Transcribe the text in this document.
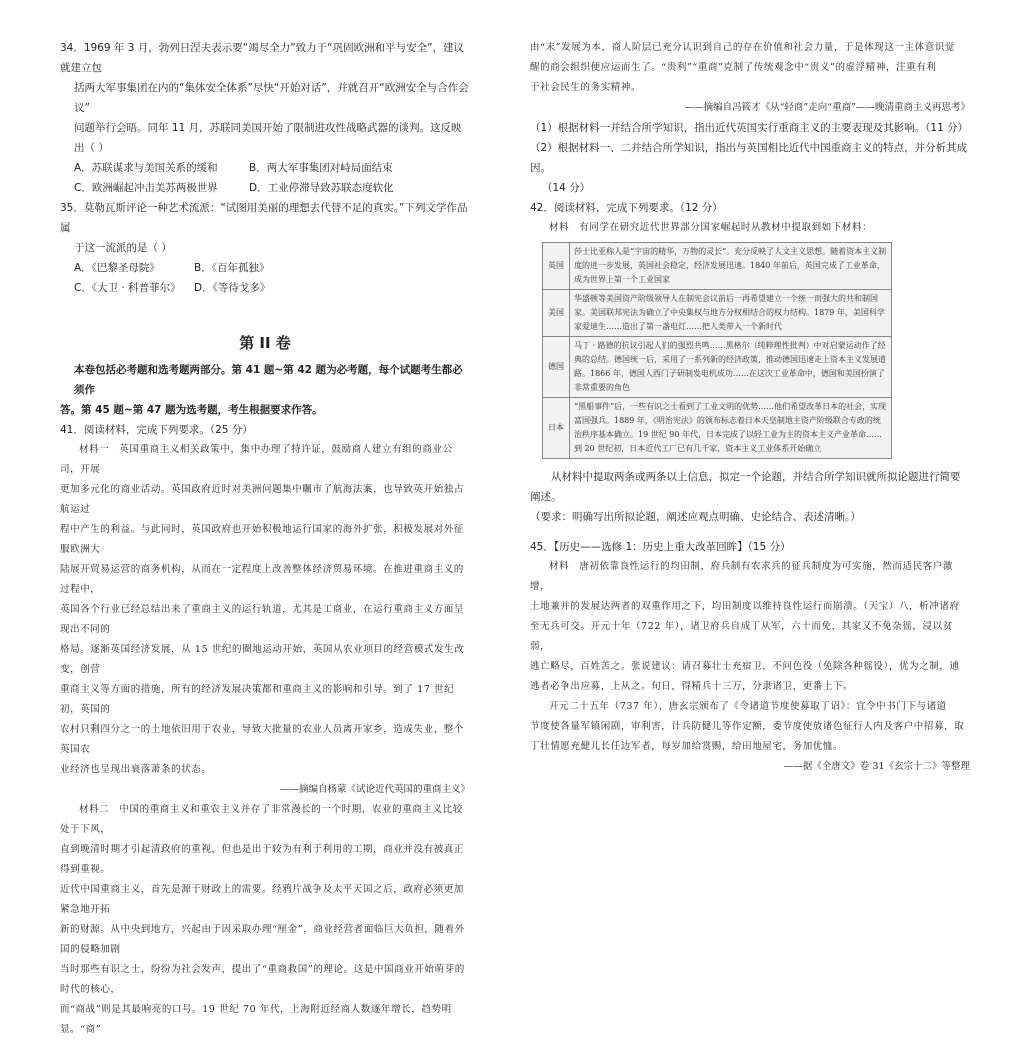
34．1969 年 3 月，勃列日涅夫表示要“竭尽全力”致力于“巩固欧洲和平与安全”，建议就建立包

括两大军事集团在内的“集体安全体系”尽快“开始对话”，并就召开“欧洲安全与合作会议”

问题举行会晤。同年 11 月，苏联同美国开始了限制进攻性战略武器的谈判。这反映出（ ）

A．苏联谋求与美国关系的缓和	B．两大军事集团对峙局面结束
C．欧洲崛起冲击美苏两极世界	D．工业停滞导致苏联态度软化

35．莫勒瓦斯评论一种艺术流派：“试图用美丽的理想去代替不足的真实。”下列文学作品属

于这一流派的是（ ）

A．《巴黎圣母院》	B．《百年孤独》
C．《大卫 · 科普菲尔》	D．《等待戈多》
第 II 卷

本卷包括必考题和选考题两部分。第 41 题~第 42 题为必考题，每个试题考生都必须作

答。第 45 题~第 47 题为选考题，考生根据要求作答。

41．阅读材料，完成下列要求。（25 分）

材料一　英国重商主义相关政策中，集中办理了特许证，鼓励商人建立有组的商业公司，开展

更加多元化的商业活动。英国政府近时对美洲问题集中瞩市了航海法案，也导致英开始独占航运过

程中产生的利益。与此同时，英国政府也开始积极地运行国家的海外扩张，积极发展对外征服欧洲大

陆展开贸易运营的商务机构，从而在一定程度上改善整体经济贸易环境。在推进重商主义的过程中，

英国各个行业已经总结出来了重商主义的运行轨道，尤其是工商业，在运行重商主义方面呈现出不同的

格局。逐渐英国经济发展，从 15 世纪的圈地运动开始，英国从农业项目的经营模式发生改变，创营

重商主义等方面的措施，所有的经济发展决策都和重商主义的影响和引导。到了 17 世纪初，英国的

农村只剩四分之一的土地依旧用于农业，导致大批量的农业人员离开家乡，造成失业，整个英国农

业经济也呈现出衰落萧条的状态。

——摘编自杨蒙《试论近代英国的重商主义》

材料二　中国的重商主义和重农主义并存了非常漫长的一个时期，农业的重商主义比较处于下风，

直到晚清时期才引起清政府的重视，但也是出于较为有利于利用的工期，商业并没有被真正得到重视。

近代中国重商主义，首先是源于财政上的需要。经鸦片战争及太平天国之后，政府必须更加紧急地开拓

新的财源。从中央到地方，兴起由于因采取办理“厘金”，商业经营者面临巨大负担，随着外国的侵略加剧

当时那些有识之士，纷纷为社会发声，提出了“重商救国”的理论。这是中国商业开始萌芽的时代的核心，

而“商战”则是其最响亮的口号。19 世纪 70 年代，上海附近经商人数逐年增长，趋势明显。“商”

由“末”发展为本，商人阶层已充分认识到自己的存在价值和社会力量，于是体现这一主体意识觉

醒的商会组织便应运而生了。“贵利”“重商”克制了传统观念中“贵义”的虚浮精神，注重有利

于社会民生的务实精神。

——摘编自冯筱才《从“轻商”走向“重商”——晚清重商主义再思考》

（1）根据材料一并结合所学知识，指出近代英国实行重商主义的主要表现及其影响。（11 分）

（2）根据材料一、二并结合所学知识，指出与英国相比近代中国重商主义的特点，并分析其成因。

（14 分）

42．阅读材料，完成下列要求。（12 分）

材料　有同学在研究近代世界部分国家崛起时从教材中提取到如下材料：

英国	莎士比亚称人是“宇宙的精华，万物的灵长”。充分反映了人文主义思想。随着资本主义制度的进一步发展，英国社会稳定，经济发展迅速。1840 年前后，英国完成了工业革命，成为世界上第一个工业国家
美国	华盛顿等美国资产阶级领导人在制宪会议前后一再希望建立一个统一而强大的共和制国家。美国联邦宪法为确立了中央集权与地方分权相结合的权力结构。1879 年，美国科学家爱迪生……造出了第一盏电灯……把人类带入一个新时代
德国	马丁 · 路德的抗议引起人们的强烈共鸣……黑格尔（纯粹理性批判）中对启蒙运动作了经典的总结。德国统一后，采用了一系列新的经济政策，推动德国迅速走上资本主义发展道路。1866 年，德国人西门子研制发电机成功……在这次工业革命中，德国和美国扮演了非常重要的角色
日本	“黑船事件”后，一些有识之士看到了工业文明的优势……他们希望改革日本的社会，实现富国强兵。1889 年，《明治宪法》的颁布标志着日本天皇制地主资产阶级联合专政的统治秩序基本确立。19 世纪 90 年代，日本完成了以轻工业为主的资本主义产业革命……到 20 世纪初，日本近代工厂已有几千家，资本主义工业体系开始确立

从材料中提取两条或两条以上信息，拟定一个论题，并结合所学知识就所拟论题进行简要阐述。

（要求：明确写出所拟论题，阐述应观点明确、史论结合、表述清晰。）

45．【历史——选修 1：历史上重大改革回眸】（15 分）

材料　唐初依靠良性运行的均田制，府兵制有农求兵的征兵制度为可实施，然而适民客户激增，

土地兼并的发展达两者的双重作用之下，均田制度以维持良性运行而崩溃。（天宝）八，析冲诸府

至无兵可交。开元十年（722 年），诸卫府兵自成丁从军，六十而免，其家又不免杂徭，浸以贫弱，

逃亡略尽，百姓苦之。张说建议：请召募壮士充宿卫，不问色役（免除各种徭役），优为之制，逋

逃者必争出应募，上从之。旬日，得精兵十三万，分隶诸卫，更番上下。

开元二十五年（737 年），唐玄宗颁布了《令诸道节度使募取丁诏》：宜令中书门下与诸道

节度使各量军镇闲剧，审利害，计兵防健儿等作定额，委节度使放诸色征行人内及客户中招募，取

丁壮情愿充健儿长任边军者，每岁加给赏赐，给田地屋宅，务加优恤。

——据《全唐文》卷 31《玄宗十二》等整理
